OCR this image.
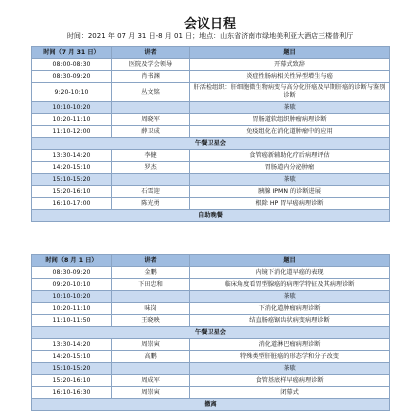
会议日程
时间：2021 年 07 月 31 日-8 月 01 日；地点：山东省济南市绿地美利亚大酒店三楼普利厅
时间（7 月 31 日）	讲者	题目
08:00-08:30	医院及学会领导	开幕式致辞
08:30-09:20	肖书渊	炎症性肠病相关性异型增生与癌
9:20-10:10	丛文铭	肝活检组织：肝细胞微生物病变与高分化肝癌及早期肝癌的诊断与鉴别诊断
10:10-10:20		茶歇
10:20-11:10	周晓军	胃肠道软组织肿瘤病理诊断
11:10-12:00	薛卫成	免疫组化在消化道肿瘤中的应用
午餐卫星会		
13:30-14:20	李健	食管癌新辅助化疗后病理评估
14:20-15:10	罗杰	胃肠道内分泌肿瘤
15:10-15:20		茶歇
15:20-16:10	石雪迎	胰腺 IPMN 的诊断进展
16:10-17:00	陈光勇	根除 HP 胃早癌病理诊断
自助晚餐		
时间（8 月 1 日）	讲者	题目
08:30-09:20	金鹏	内镜下消化道早癌的表现
09:20-10:10	下田忠和	临床角度看胃型腺癌的病理学特征及其病理诊断
10:10-10:20		茶歇
10:20-11:10	味岗	下消化道肿瘤病理诊断
11:10-11:50	王晓映	结直肠癌锯齿状病变病理诊断
午餐卫星会		
13:30-14:20	周崇寅	消化道淋巴瘤病理诊断
14:20-15:10	高鹏	特殊类型肝脏癌的形态学和分子改变
15:10-15:20		茶歇
15:20-16:10	周成军	食管基底样早癌病理诊断
16:10-16:30	周崇寅	闭幕式
撤离		
